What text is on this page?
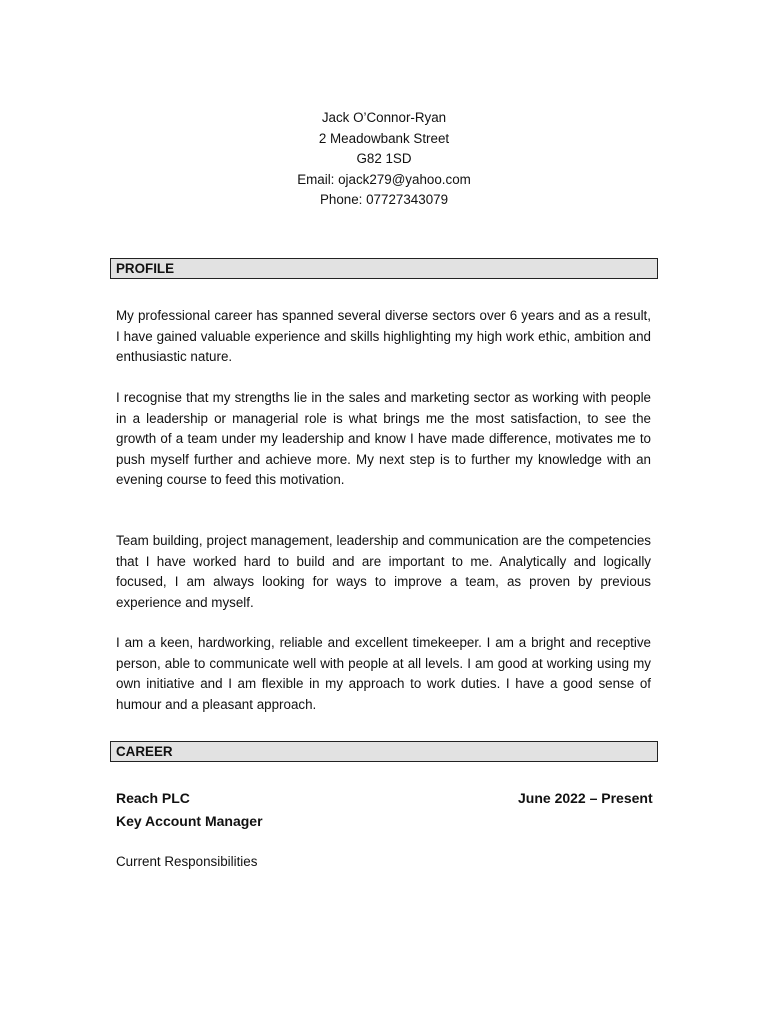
Jack O’Connor-Ryan
2 Meadowbank Street
G82 1SD
Email: ojack279@yahoo.com
Phone: 07727343079
PROFILE

My professional career has spanned several diverse sectors over 6 years and as a result, I have gained valuable experience and skills highlighting my high work ethic, ambition and enthusiastic nature.

I recognise that my strengths lie in the sales and marketing sector as working with people in a leadership or managerial role is what brings me the most satisfaction, to see the growth of a team under my leadership and know I have made difference, motivates me to push myself further and achieve more. My next step is to further my knowledge with an evening course to feed this motivation.

Team building, project management, leadership and communication are the competencies that I have worked hard to build and are important to me. Analytically and logically focused, I am always looking for ways to improve a team, as proven by previous experience and myself.

I am a keen, hardworking, reliable and excellent timekeeper. I am a bright and receptive person, able to communicate well with people at all levels. I am good at working using my own initiative and I am flexible in my approach to work duties. I have a good sense of humour and a pleasant approach.

CAREER
Reach PLC	June 2022 – Present
Key Account Manager
Current Responsibilities
